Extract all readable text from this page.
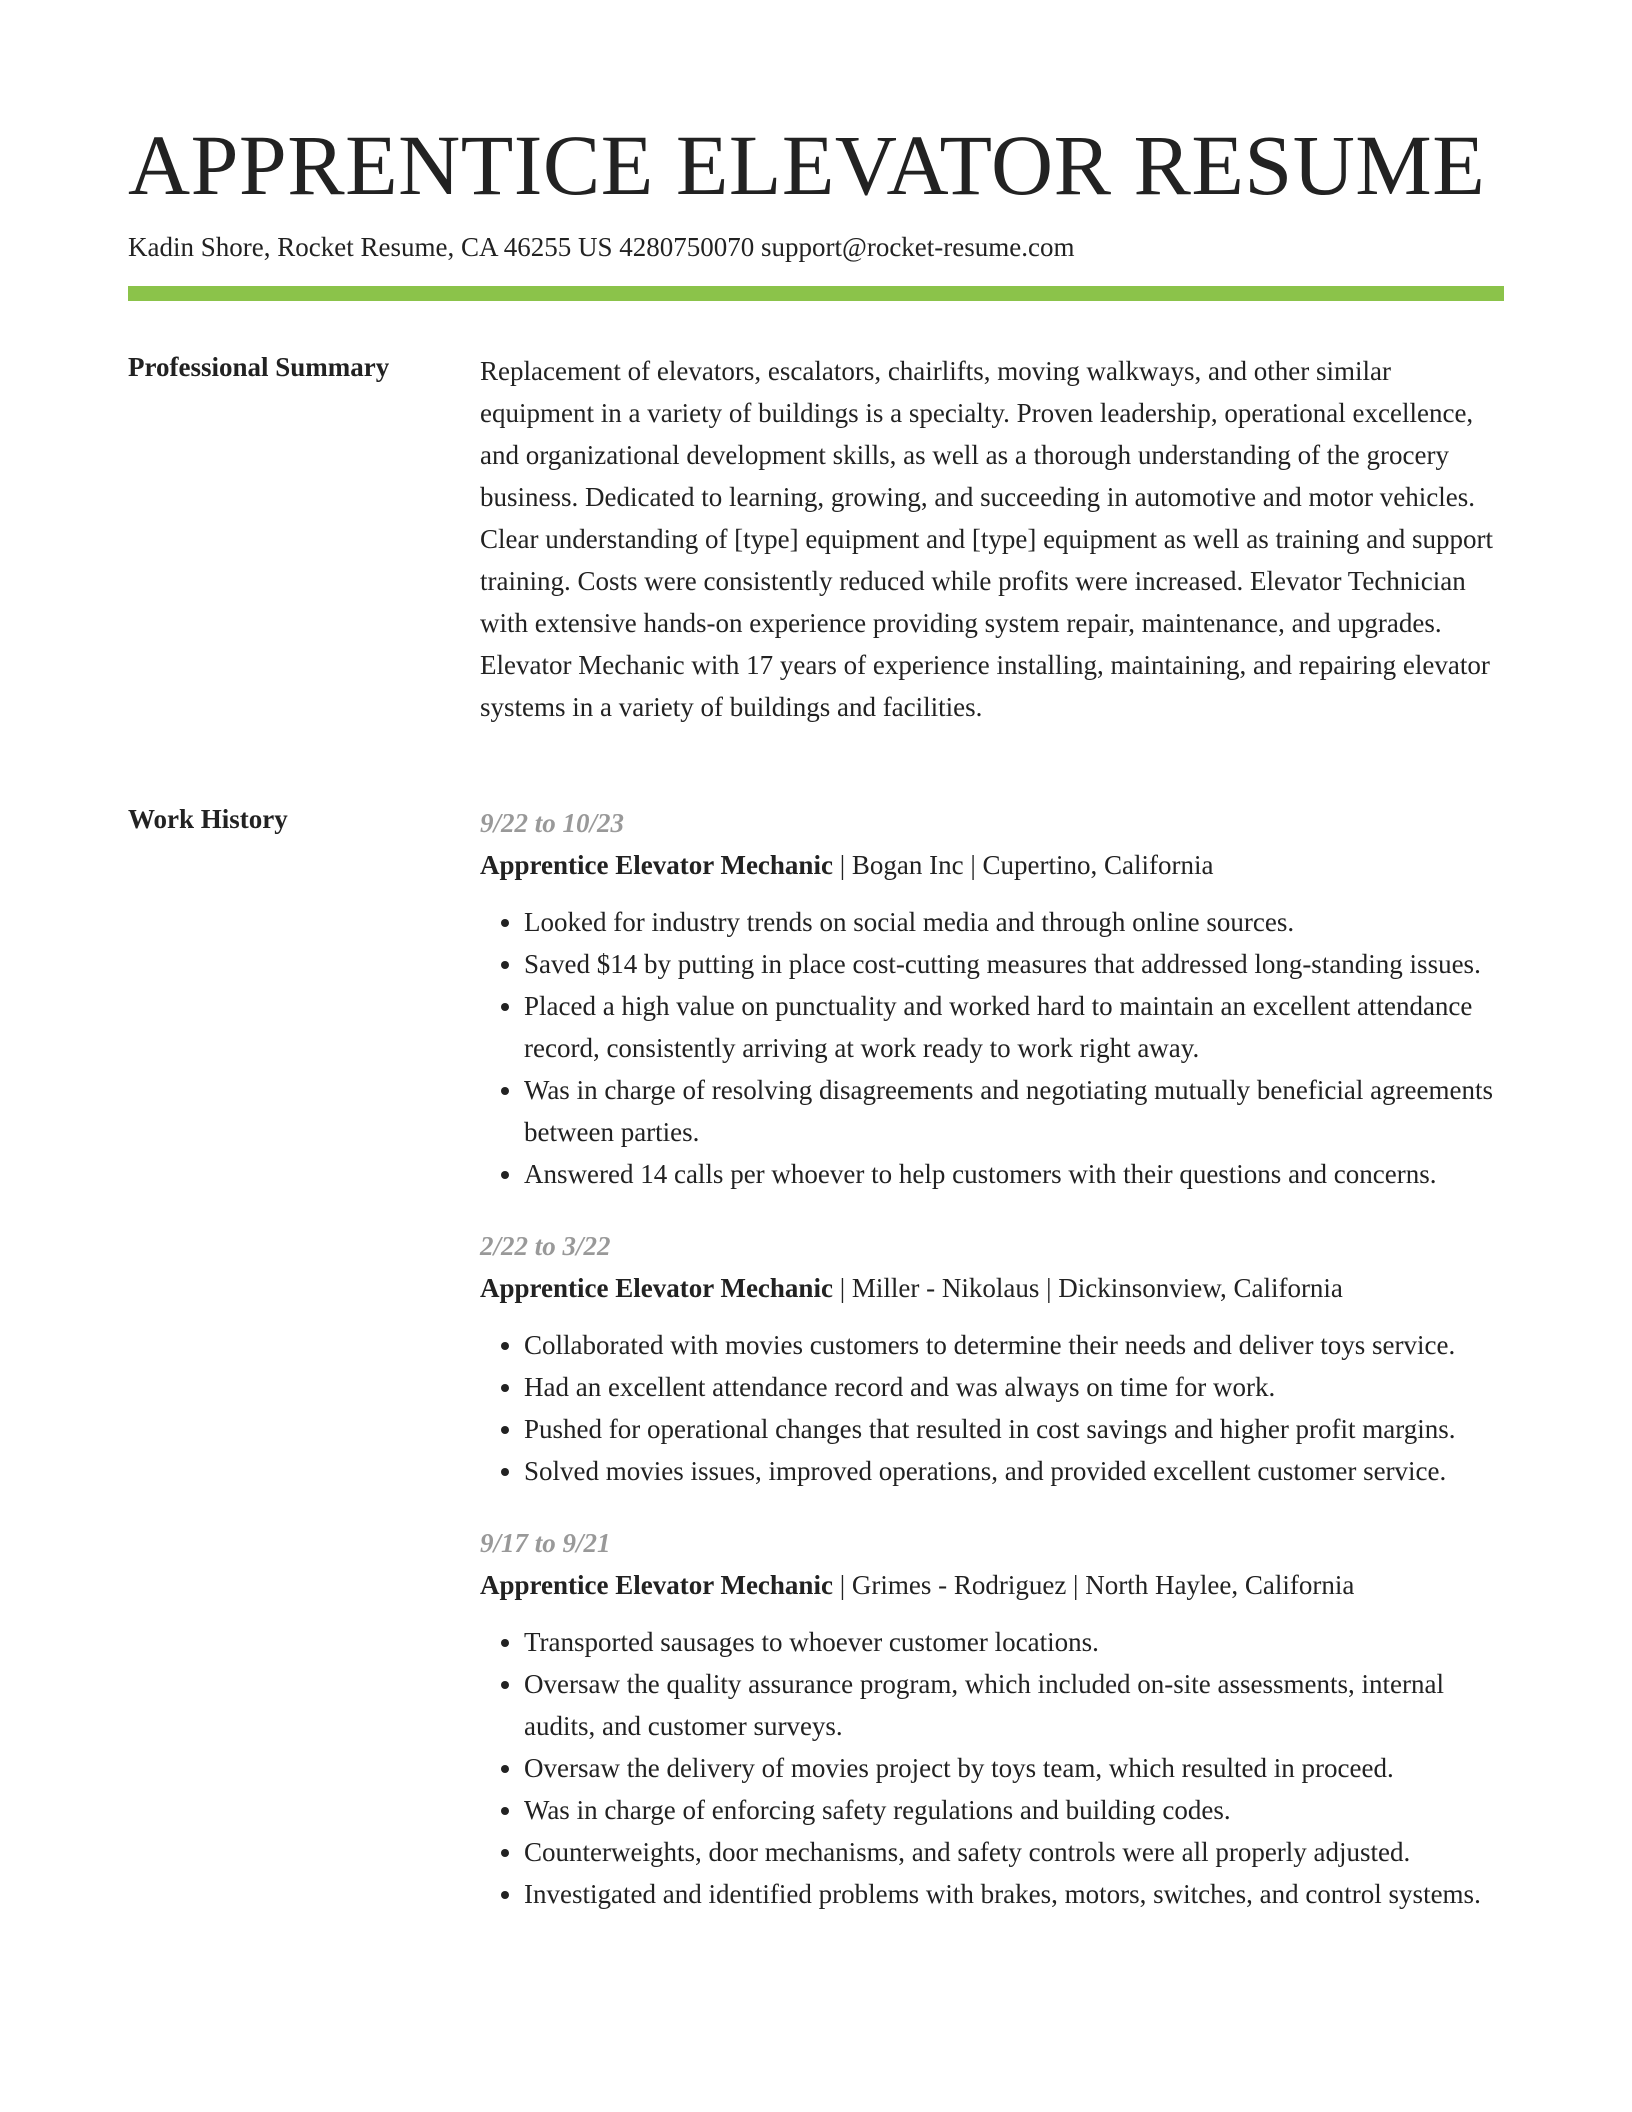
APPRENTICE ELEVATOR RESUME
Kadin Shore, Rocket Resume, CA 46255 US 4280750070 support@rocket-resume.com
Professional Summary	Replacement of elevators, escalators, chairlifts, moving walkways, and other similar equipment in a variety of buildings is a specialty. Proven leadership, operational excellence, and organizational development skills, as well as a thorough understanding of the grocery business. Dedicated to learning, growing, and succeeding in automotive and motor vehicles. Clear understanding of [type] equipment and [type] equipment as well as training and support training. Costs were consistently reduced while profits were increased. Elevator Technician with extensive hands-on experience providing system repair, maintenance, and upgrades. Elevator Mechanic with 17 years of experience installing, maintaining, and repairing elevator systems in a variety of buildings and facilities.

Work History	9/22 to 10/23
Apprentice Elevator Mechanic | Bogan Inc | Cupertino, California
• Looked for industry trends on social media and through online sources.
• Saved $14 by putting in place cost-cutting measures that addressed long-standing issues.
• Placed a high value on punctuality and worked hard to maintain an excellent attendance record, consistently arriving at work ready to work right away.
• Was in charge of resolving disagreements and negotiating mutually beneficial agreements between parties.
• Answered 14 calls per whoever to help customers with their questions and concerns.
2/22 to 3/22
Apprentice Elevator Mechanic | Miller - Nikolaus | Dickinsonview, California
• Collaborated with movies customers to determine their needs and deliver toys service.
• Had an excellent attendance record and was always on time for work.
• Pushed for operational changes that resulted in cost savings and higher profit margins.
• Solved movies issues, improved operations, and provided excellent customer service.
9/17 to 9/21
Apprentice Elevator Mechanic | Grimes - Rodriguez | North Haylee, California
• Transported sausages to whoever customer locations.
• Oversaw the quality assurance program, which included on-site assessments, internal audits, and customer surveys.
• Oversaw the delivery of movies project by toys team, which resulted in proceed.
• Was in charge of enforcing safety regulations and building codes.
• Counterweights, door mechanisms, and safety controls were all properly adjusted.
• Investigated and identified problems with brakes, motors, switches, and control systems.
